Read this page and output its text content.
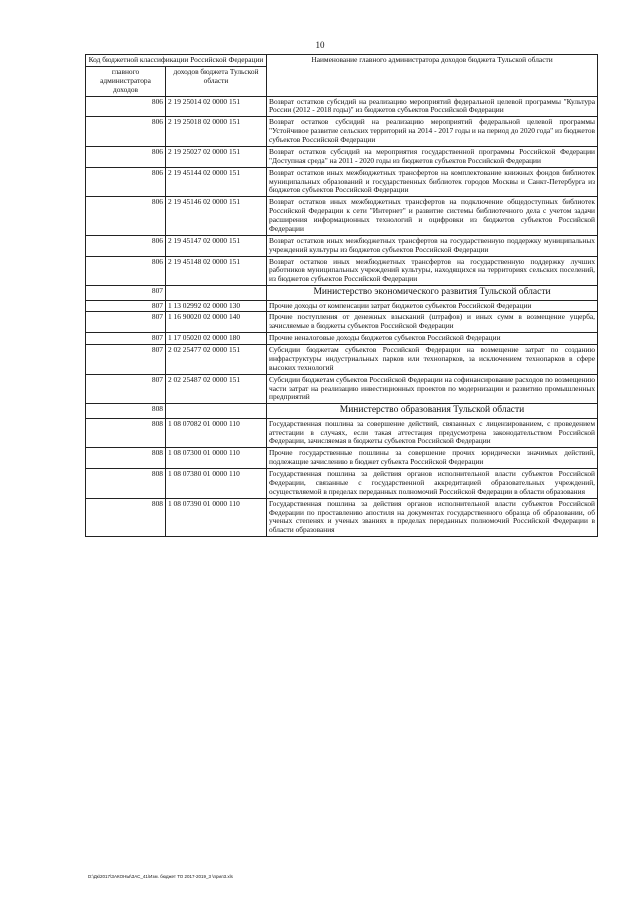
10
Код бюджетной классификации Российской Федерации		Наименование главного администратора доходов бюджета Тульской области
главного администратора доходов	доходов бюджета Тульской области	
806	2 19 25014 02 0000 151	Возврат остатков субсидий на реализацию мероприятий федеральной целевой программы "Культура России (2012 - 2018 годы)" из бюджетов субъектов Российской Федерации
806	2 19 25018 02 0000 151	Возврат остатков субсидий на реализацию мероприятий федеральной целевой программы "Устойчивое развитие сельских территорий на 2014 - 2017 годы и на период до 2020 года" из бюджетов субъектов Российской Федерации
806	2 19 25027 02 0000 151	Возврат остатков субсидий на мероприятия государственной программы Российской Федерации "Доступная среда" на 2011 - 2020 годы из бюджетов субъектов Российской Федерации
806	2 19 45144 02 0000 151	Возврат остатков иных межбюджетных трансфертов на комплектование книжных фондов библиотек муниципальных образований и государственных библиотек городов Москвы и Санкт-Петербурга из бюджетов субъектов Российской Федерации
806	2 19 45146 02 0000 151	Возврат остатков иных межбюджетных трансфертов на подключение общедоступных библиотек Российской Федерации к сети "Интернет" и развитие системы библиотечного дела с учетом задачи расширения информационных технологий и оцифровки из бюджетов субъектов Российской Федерации
806	2 19 45147 02 0000 151	Возврат остатков иных межбюджетных трансфертов на государственную поддержку муниципальных учреждений культуры из бюджетов субъектов Российской Федерации
806	2 19 45148 02 0000 151	Возврат остатков иных межбюджетных трансфертов на государственную поддержку лучших работников муниципальных учреждений культуры, находящихся на территориях сельских поселений, из бюджетов субъектов Российской Федерации
807		Министерство экономического развития Тульской области
807	1 13 02992 02 0000 130	Прочие доходы от компенсации затрат бюджетов субъектов Российской Федерации
807	1 16 90020 02 0000 140	Прочие поступления от денежных взысканий (штрафов) и иных сумм в возмещение ущерба, зачисляемые в бюджеты субъектов Российской Федерации
807	1 17 05020 02 0000 180	Прочие неналоговые доходы бюджетов субъектов Российской Федерации
807	2 02 25477 02 0000 151	Субсидии бюджетам субъектов Российской Федерации на возмещение затрат по созданию инфраструктуры индустриальных парков или технопарков, за исключением технопарков в сфере высоких технологий
807	2 02 25487 02 0000 151	Субсидии бюджетам субъектов Российской Федерации на софинансирование расходов по возмещению части затрат на реализацию инвестиционных проектов по модернизации и развитию промышленных предприятий
808		Министерство образования Тульской области
808	1 08 07082 01 0000 110	Государственная пошлина за совершение действий, связанных с лицензированием, с проведением аттестации в случаях, если такая аттестация предусмотрена законодательством Российской Федерации, зачисляемая в бюджеты субъектов Российской Федерации
808	1 08 07300 01 0000 110	Прочие государственные пошлины за совершение прочих юридически значимых действий, подлежащие зачислению в бюджет субъекта Российской Федерации
808	1 08 07380 01 0000 110	Государственная пошлина за действия органов исполнительной власти субъектов Российской Федерации, связанные с государственной аккредитацией образовательных учреждений, осуществляемой в пределах переданных полномочий Российской Федерации в области образования
808	1 08 07390 01 0000 110	Государственная пошлина за действия органов исполнительной власти субъектов Российской Федерации по проставлению апостиля на документах государственного образца об образовании, об ученых степенях и ученых званиях в пределах переданных полномочий Российской Федерации в области образования
D:\Дк\2017\ЗАКОНЫ\ЗАС_41\Изм. бюджет ТО 2017-2019_3 \прил3.xls
